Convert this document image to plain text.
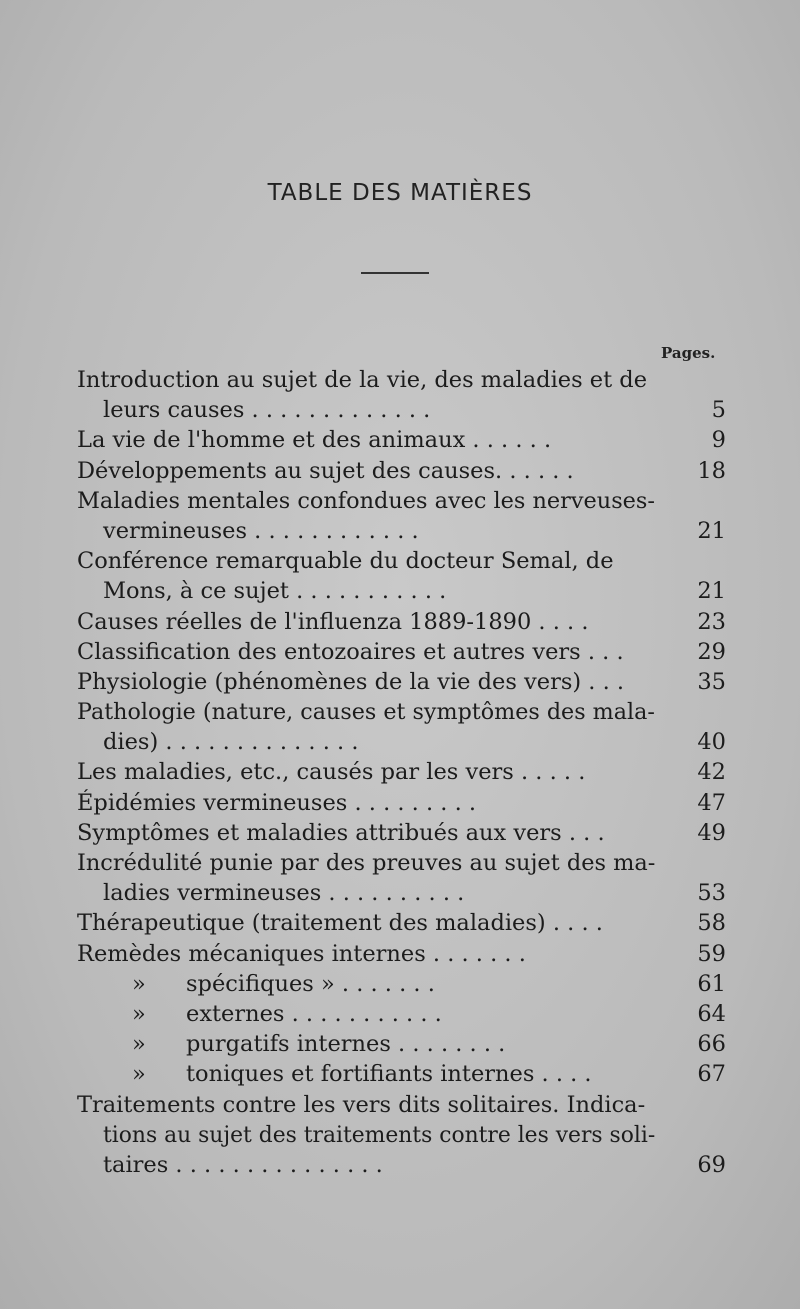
TABLE DES MATIÈRES
Pages.
Introduction au sujet de la vie, des maladies et de
leurs causes . . . . . . . . . . . . .	5
La vie de l'homme et des animaux . . . . . .	9
Développements au sujet des causes. . . . . .	18
Maladies mentales confondues avec les nerveuses-
vermineuses . . . . . . . . . . . .	21
Conférence remarquable du docteur Semal, de
Mons, à ce sujet . . . . . . . . . . .	21
Causes réelles de l'influenza 1889-1890 . . . .	23
Classification des entozoaires et autres vers . . .	29
Physiologie (phénomènes de la vie des vers) . . .	35
Pathologie (nature, causes et symptômes des mala-
dies) . . . . . . . . . . . . . .	40
Les maladies, etc., causés par les vers . . . . .	42
Épidémies vermineuses . . . . . . . . .	47
Symptômes et maladies attribués aux vers . . .	49
Incrédulité punie par des preuves au sujet des ma-
ladies vermineuses . . . . . . . . . .	53
Thérapeutique (traitement des maladies) . . . .	58
Remèdes mécaniques internes . . . . . . .	59
» spécifiques » . . . . . . .	61
» externes . . . . . . . . . . .	64
» purgatifs internes . . . . . . . .	66
» toniques et fortifiants internes . . . .	67
Traitements contre les vers dits solitaires. Indica-
tions au sujet des traitements contre les vers soli-
taires . . . . . . . . . . . . . . .	69
